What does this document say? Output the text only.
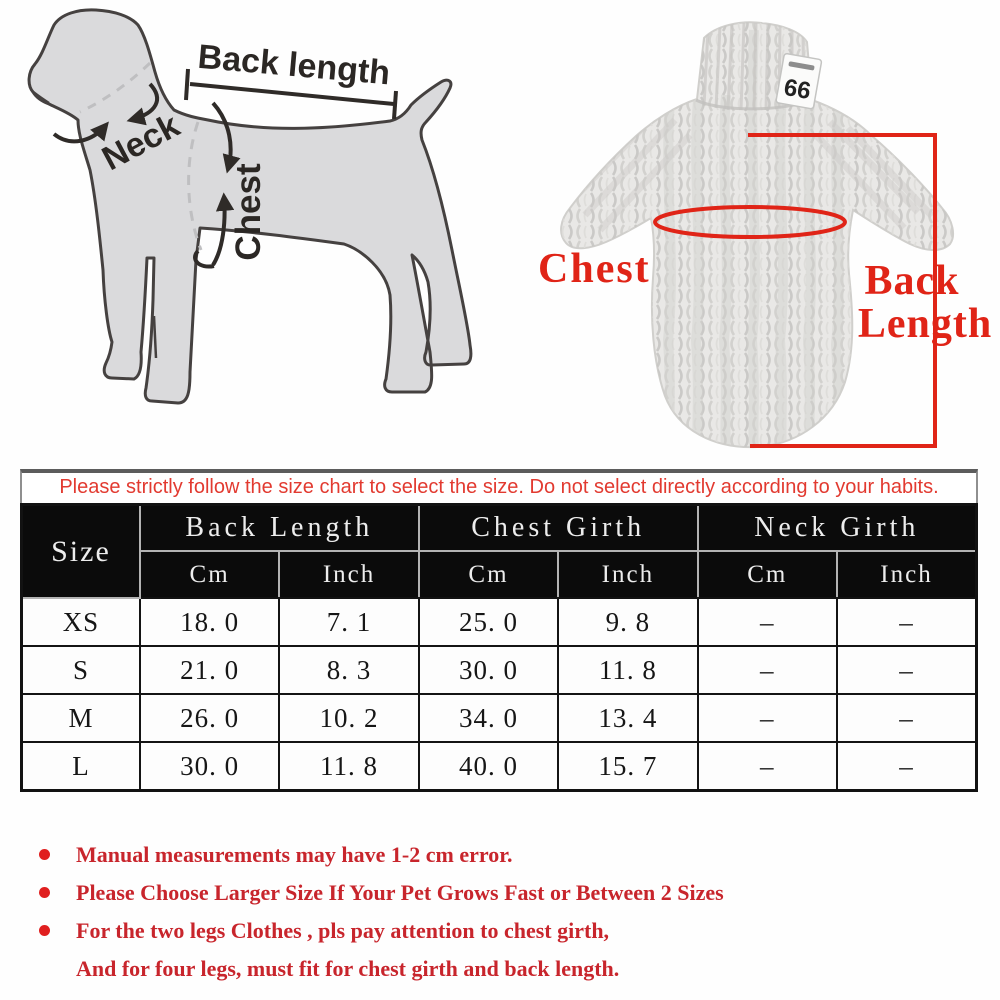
Back length
Neck
Chest
66
Chest	Back
Length
Please strictly follow the size chart to select the size. Do not select directly according to your habits.
Size	Back Length		Chest Girth		Neck Girth	
	Cm	Inch	Cm	Inch	Cm	Inch
XS	18. 0	7. 1	25. 0	9. 8	–	–
S	21. 0	8. 3	30. 0	11. 8	–	–
M	26. 0	10. 2	34. 0	13. 4	–	–
L	30. 0	11. 8	40. 0	15. 7	–	–
Manual measurements may have 1-2 cm error.
Please Choose Larger Size If Your Pet Grows Fast or Between 2 Sizes
For the two legs Clothes , pls pay attention to chest girth,
And for four legs, must fit for chest girth and back length.
